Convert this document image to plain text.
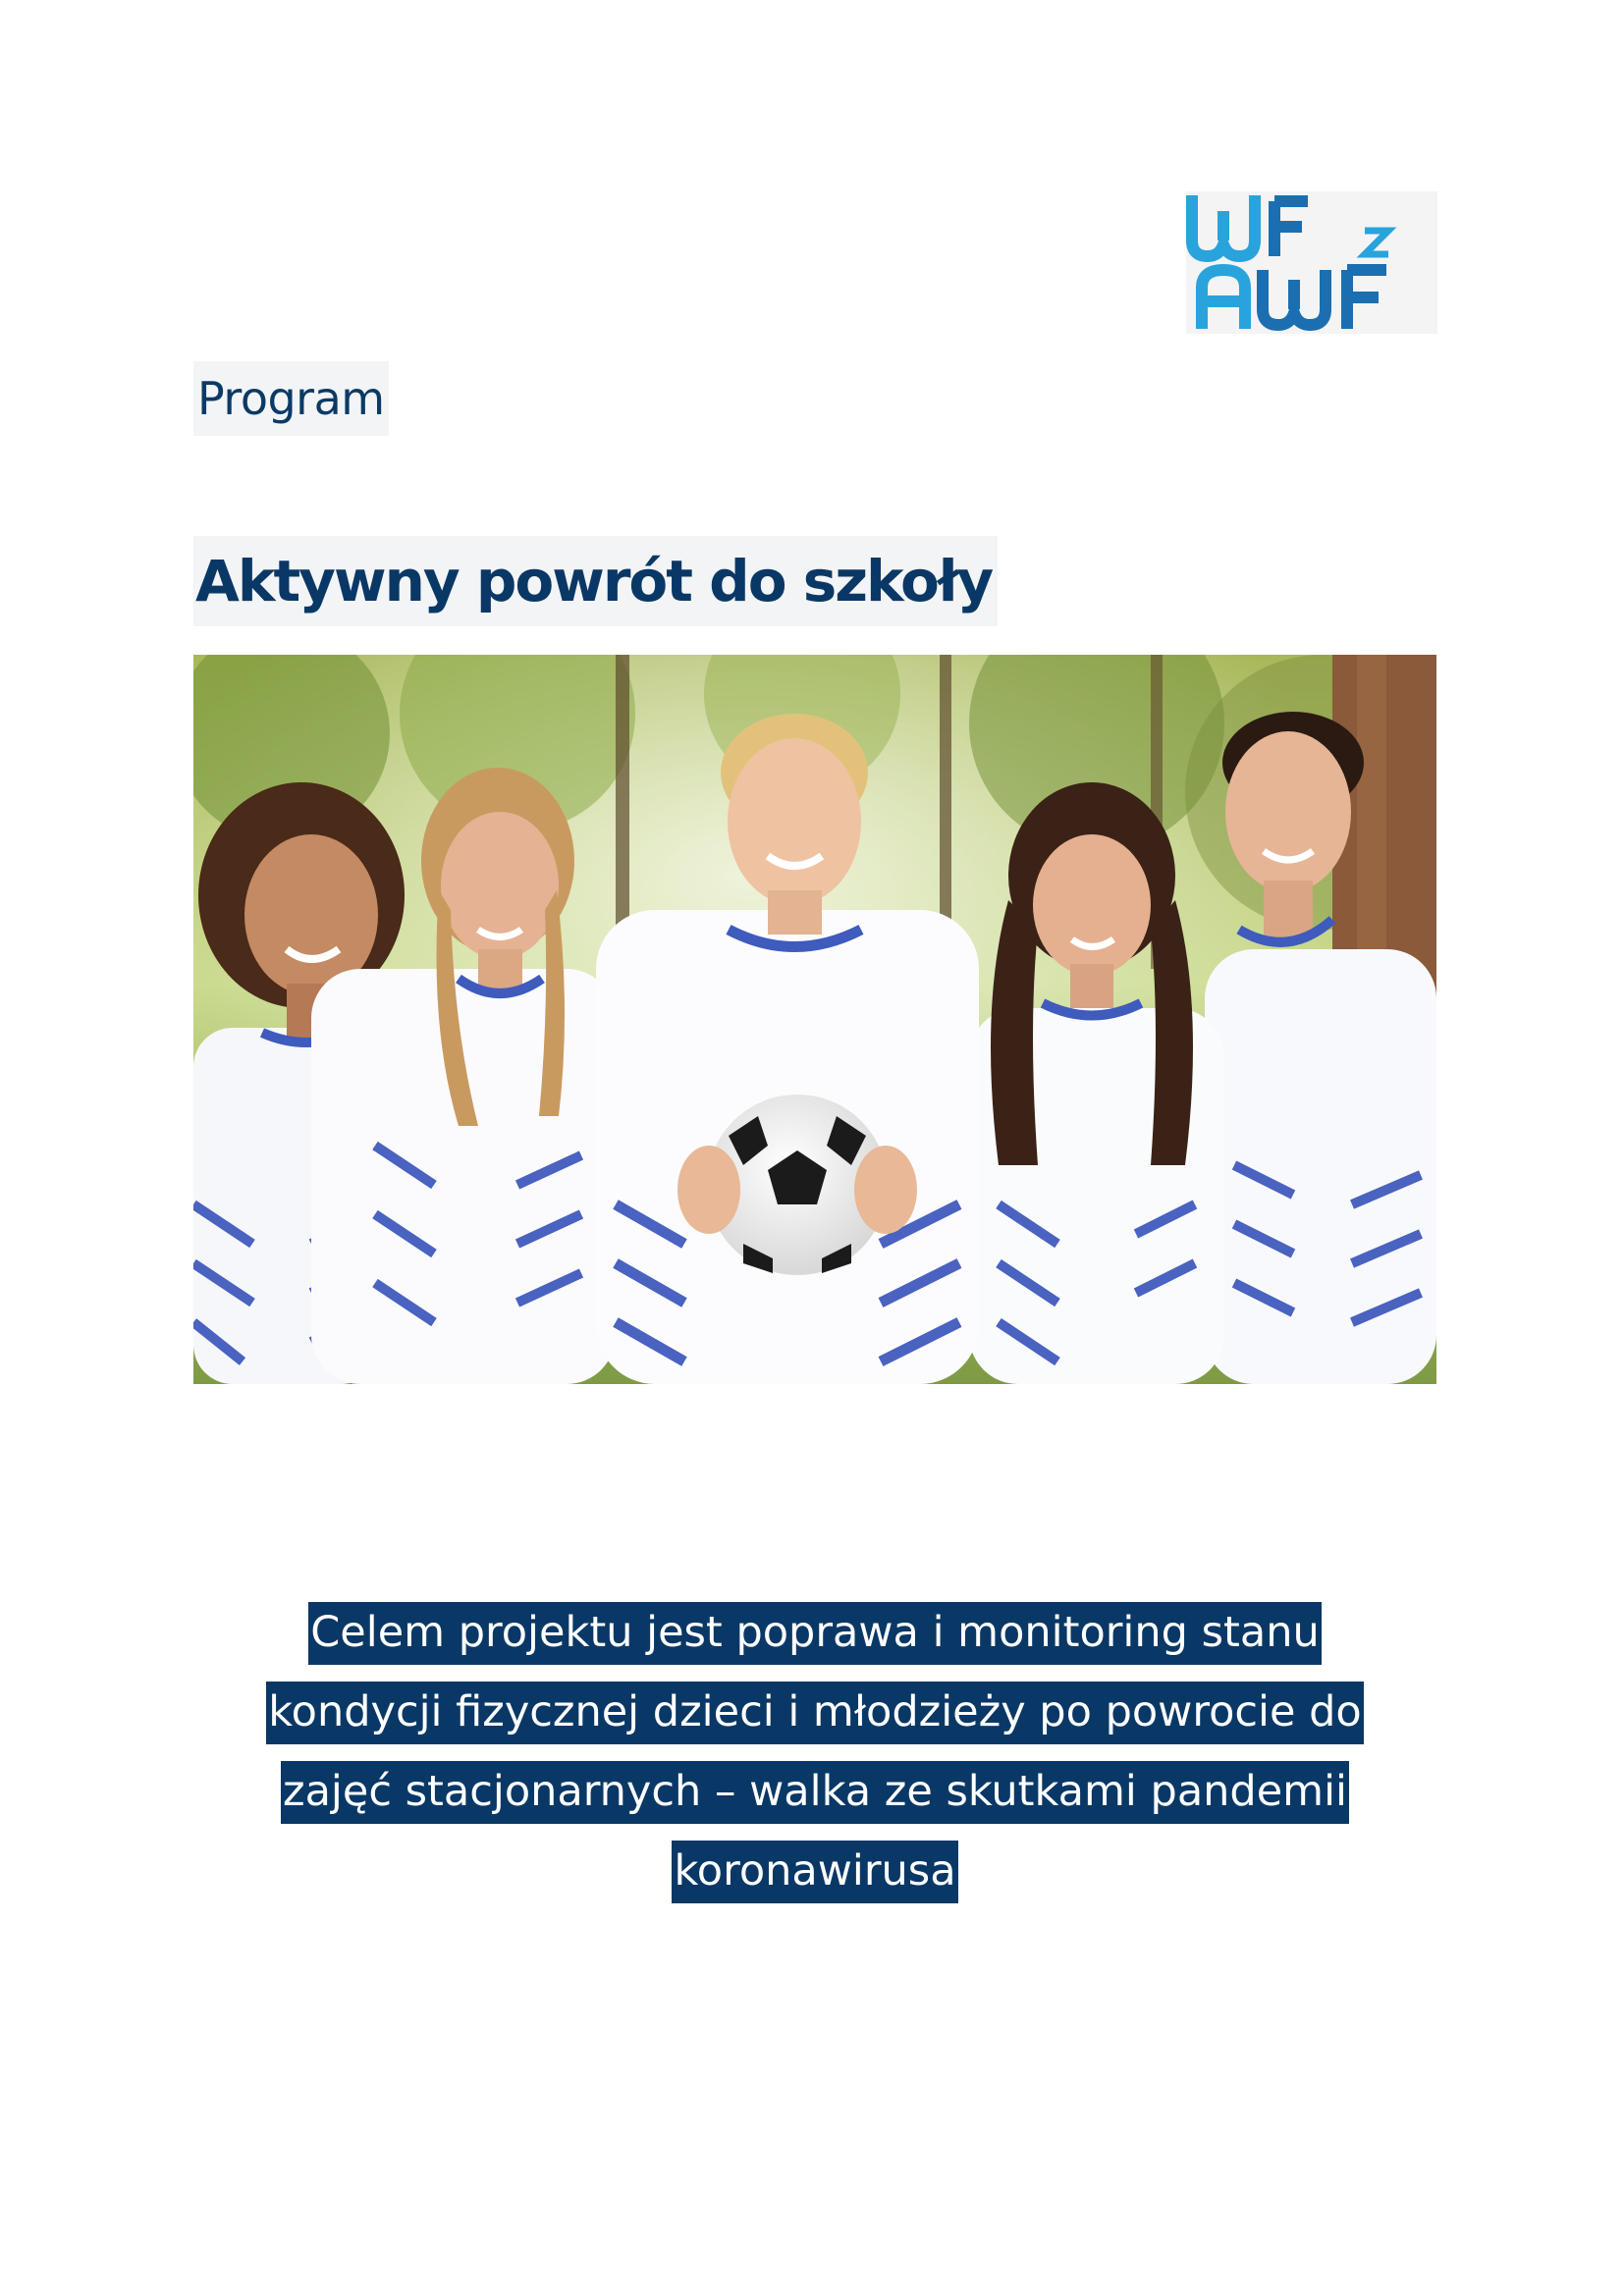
Program
Aktywny powrót do szkoły
Celem projektu jest poprawa i monitoring stanu
kondycji fizycznej dzieci i młodzieży po powrocie do
zajęć stacjonarnych – walka ze skutkami pandemii
koronawirusa
